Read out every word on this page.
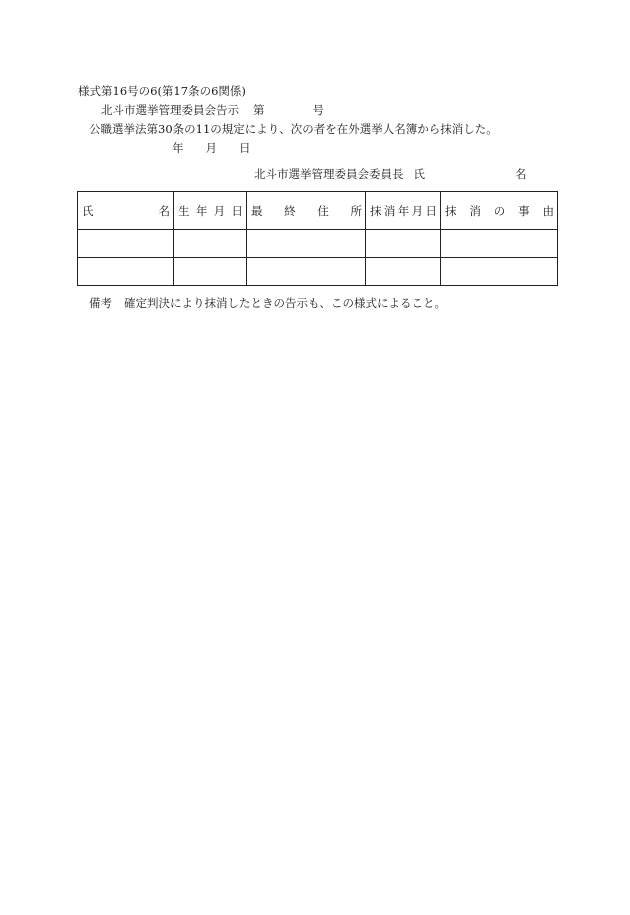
様式第16号の6(第17条の6関係)
北斗市選挙管理委員会告示 第	号
公職選挙法第30条の11の規定により、次の者を在外選挙人名簿から抹消した。
年 月 日
北斗市選挙管理委員会委員長 氏	名
氏 名	生 年 月 日	最 終 住 所	抹 消 年 月 日	抹 消 の 事 由

備考 確定判決により抹消したときの告示も、この様式によること。
